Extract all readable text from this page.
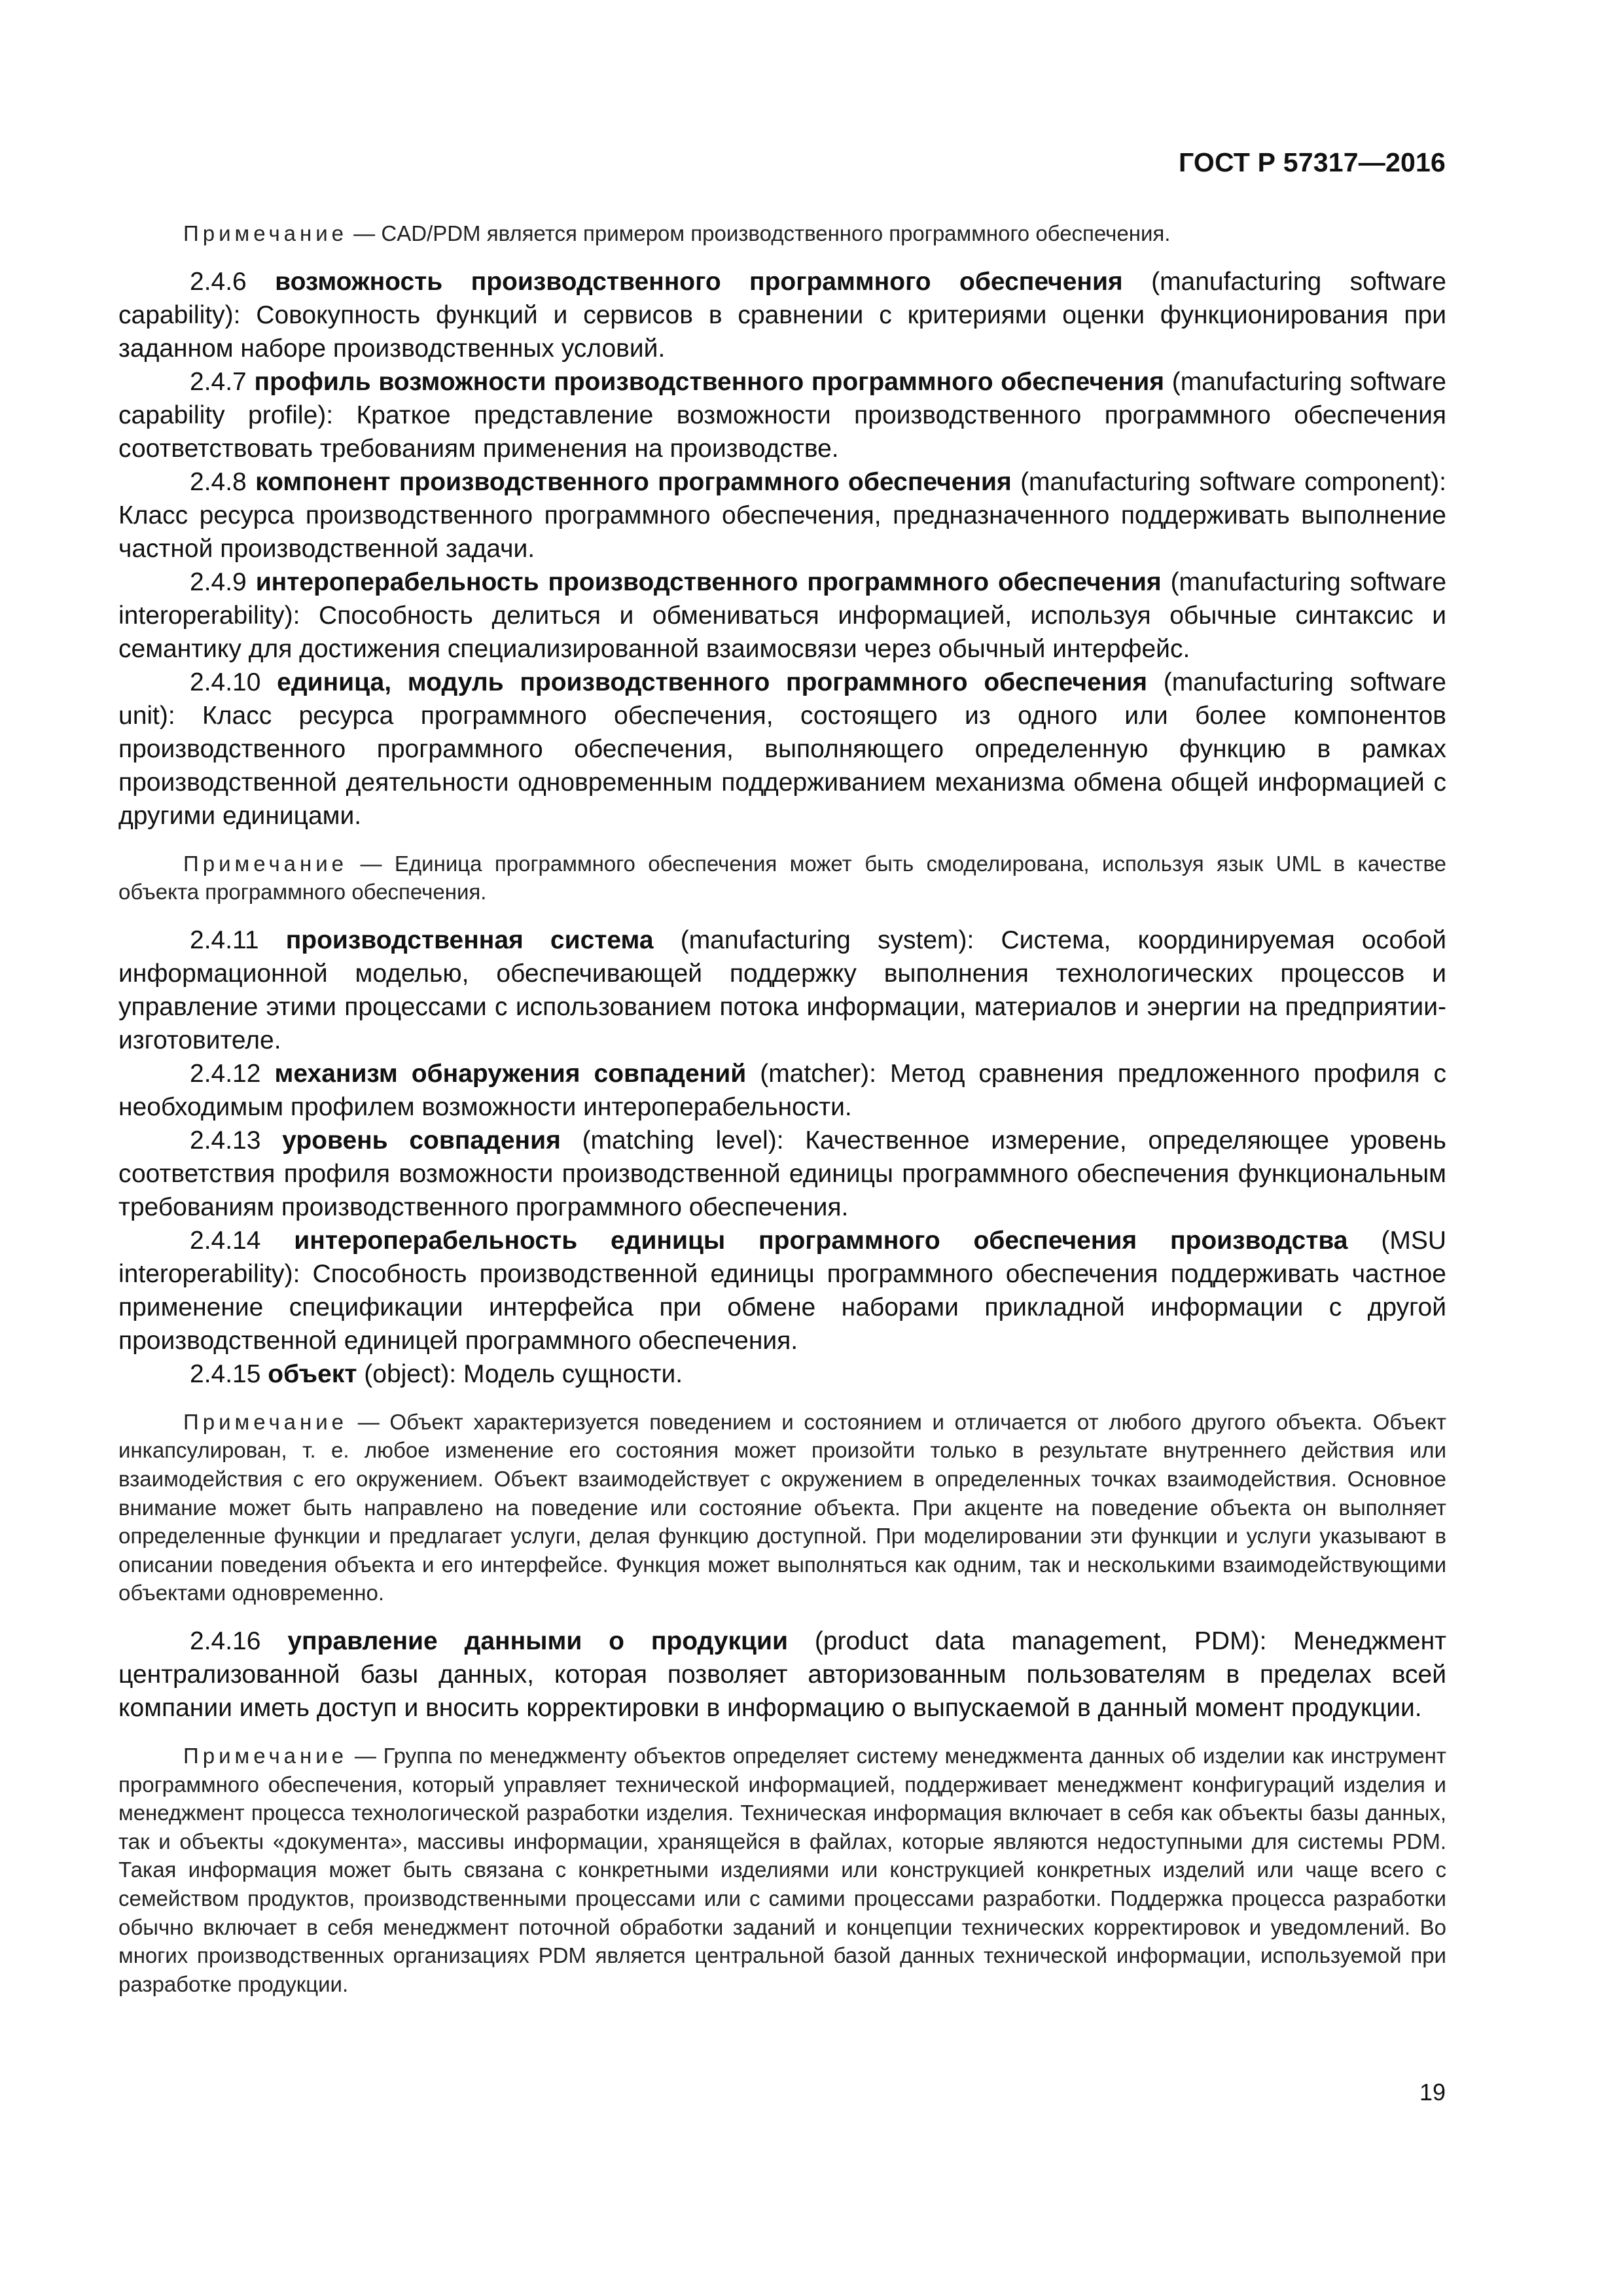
ГОСТ Р 57317—2016

Примечание — CAD/PDM является примером производственного программного обеспечения.

2.4.6 возможность производственного программного обеспечения (manufacturing software capability): Совокупность функций и сервисов в сравнении с критериями оценки функционирования при заданном наборе производственных условий.

2.4.7 профиль возможности производственного программного обеспечения (manufacturing software capability profile): Краткое представление возможности производственного программного обеспечения соответствовать требованиям применения на производстве.

2.4.8 компонент производственного программного обеспечения (manufacturing software component): Класс ресурса производственного программного обеспечения, предназначенного поддерживать выполнение частной производственной задачи.

2.4.9 интероперабельность производственного программного обеспечения (manufacturing software interoperability): Способность делиться и обмениваться информацией, используя обычные синтаксис и семантику для достижения специализированной взаимосвязи через обычный интерфейс.

2.4.10 единица, модуль производственного программного обеспечения (manufacturing software unit): Класс ресурса программного обеспечения, состоящего из одного или более компонентов производственного программного обеспечения, выполняющего определенную функцию в рамках производственной деятельности одновременным поддерживанием механизма обмена общей информацией с другими единицами.

Примечание — Единица программного обеспечения может быть смоделирована, используя язык UML в качестве объекта программного обеспечения.

2.4.11 производственная система (manufacturing system): Система, координируемая особой информационной моделью, обеспечивающей поддержку выполнения технологических процессов и управление этими процессами с использованием потока информации, материалов и энергии на предприятии-изготовителе.

2.4.12 механизм обнаружения совпадений (matcher): Метод сравнения предложенного профиля с необходимым профилем возможности интероперабельности.

2.4.13 уровень совпадения (matching level): Качественное измерение, определяющее уровень соответствия профиля возможности производственной единицы программного обеспечения функциональным требованиям производственного программного обеспечения.

2.4.14 интероперабельность единицы программного обеспечения производства (MSU interoperability): Способность производственной единицы программного обеспечения поддерживать частное применение спецификации интерфейса при обмене наборами прикладной информации с другой производственной единицей программного обеспечения.

2.4.15 объект (object): Модель сущности.

Примечание — Объект характеризуется поведением и состоянием и отличается от любого другого объекта. Объект инкапсулирован, т. е. любое изменение его состояния может произойти только в результате внутреннего действия или взаимодействия с его окружением. Объект взаимодействует с окружением в определенных точках взаимодействия. Основное внимание может быть направлено на поведение или состояние объекта. При акценте на поведение объекта он выполняет определенные функции и предлагает услуги, делая функцию доступной. При моделировании эти функции и услуги указывают в описании поведения объекта и его интерфейсе. Функция может выполняться как одним, так и несколькими взаимодействующими объектами одновременно.

2.4.16 управление данными о продукции (product data management, PDM): Менеджмент централизованной базы данных, которая позволяет авторизованным пользователям в пределах всей компании иметь доступ и вносить корректировки в информацию о выпускаемой в данный момент продукции.

Примечание — Группа по менеджменту объектов определяет систему менеджмента данных об изделии как инструмент программного обеспечения, который управляет технической информацией, поддерживает менеджмент конфигураций изделия и менеджмент процесса технологической разработки изделия. Техническая информация включает в себя как объекты базы данных, так и объекты «документа», массивы информации, хранящейся в файлах, которые являются недоступными для системы PDM. Такая информация может быть связана с конкретными изделиями или конструкцией конкретных изделий или чаще всего с семейством продуктов, производственными процессами или с самими процессами разработки. Поддержка процесса разработки обычно включает в себя менеджмент поточной обработки заданий и концепции технических корректировок и уведомлений. Во многих производственных организациях PDM является центральной базой данных технической информации, используемой при разработке продукции.

19
